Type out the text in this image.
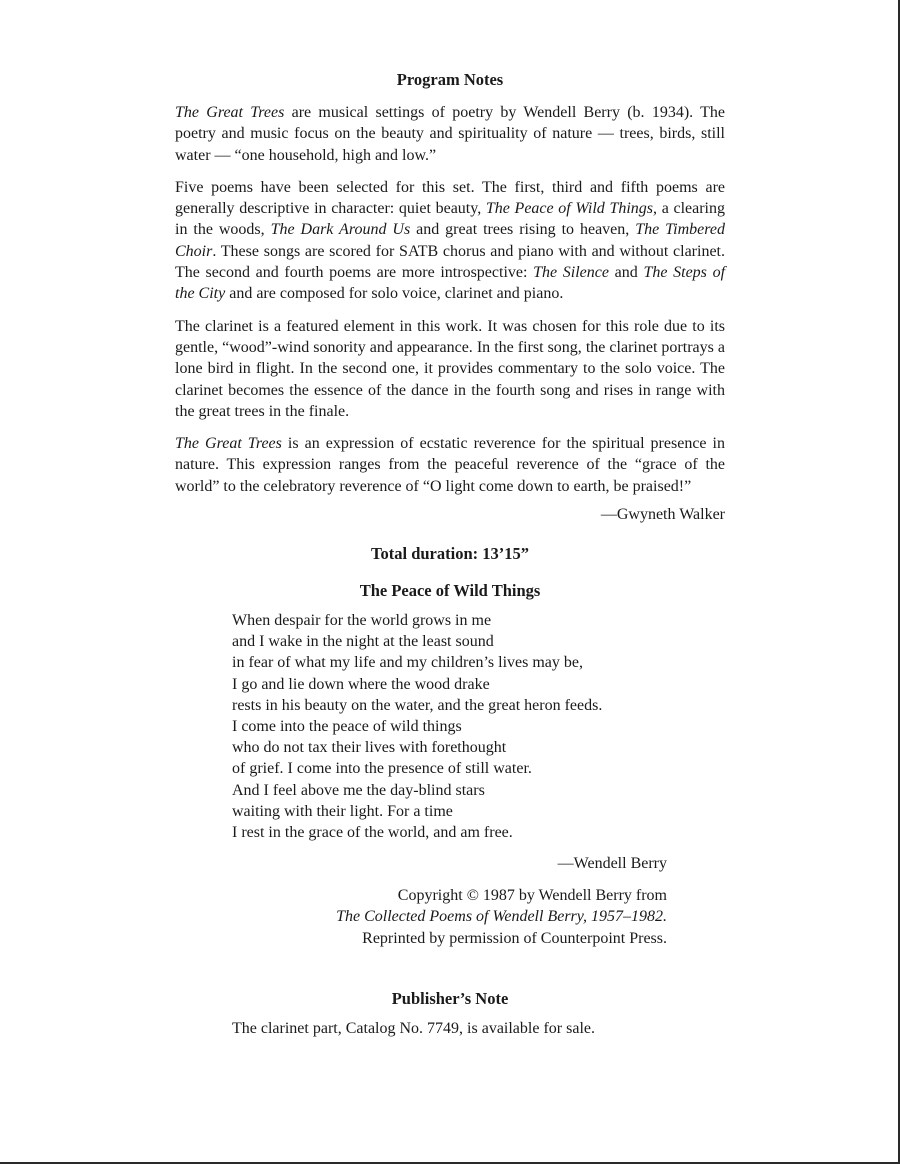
Program Notes

The Great Trees are musical settings of poetry by Wendell Berry (b. 1934). The poetry and music focus on the beauty and spirituality of nature — trees, birds, still water — “one household, high and low.”

Five poems have been selected for this set. The first, third and fifth poems are generally descriptive in character: quiet beauty, The Peace of Wild Things, a clearing in the woods, The Dark Around Us and great trees rising to heaven, The Timbered Choir. These songs are scored for SATB chorus and piano with and without clarinet. The second and fourth poems are more introspective: The Silence and The Steps of the City and are composed for solo voice, clarinet and piano.

The clarinet is a featured element in this work. It was chosen for this role due to its gentle, “wood”-wind sonority and appearance. In the first song, the clarinet portrays a lone bird in flight. In the second one, it provides commentary to the solo voice. The clarinet becomes the essence of the dance in the fourth song and rises in range with the great trees in the finale.

The Great Trees is an expression of ecstatic reverence for the spiritual presence in nature. This expression ranges from the peaceful reverence of the “grace of the world” to the celebratory reverence of “O light come down to earth, be praised!”

—Gwyneth Walker

Total duration: 13’15”
The Peace of Wild Things
When despair for the world grows in me
and I wake in the night at the least sound
in fear of what my life and my children’s lives may be,
I go and lie down where the wood drake
rests in his beauty on the water, and the great heron feeds.
I come into the peace of wild things
who do not tax their lives with forethought
of grief. I come into the presence of still water.
And I feel above me the day-blind stars
waiting with their light. For a time
I rest in the grace of the world, and am free.
—Wendell Berry
Copyright © 1987 by Wendell Berry from
The Collected Poems of Wendell Berry, 1957–1982.
Reprinted by permission of Counterpoint Press.
Publisher’s Note

The clarinet part, Catalog No. 7749, is available for sale.
